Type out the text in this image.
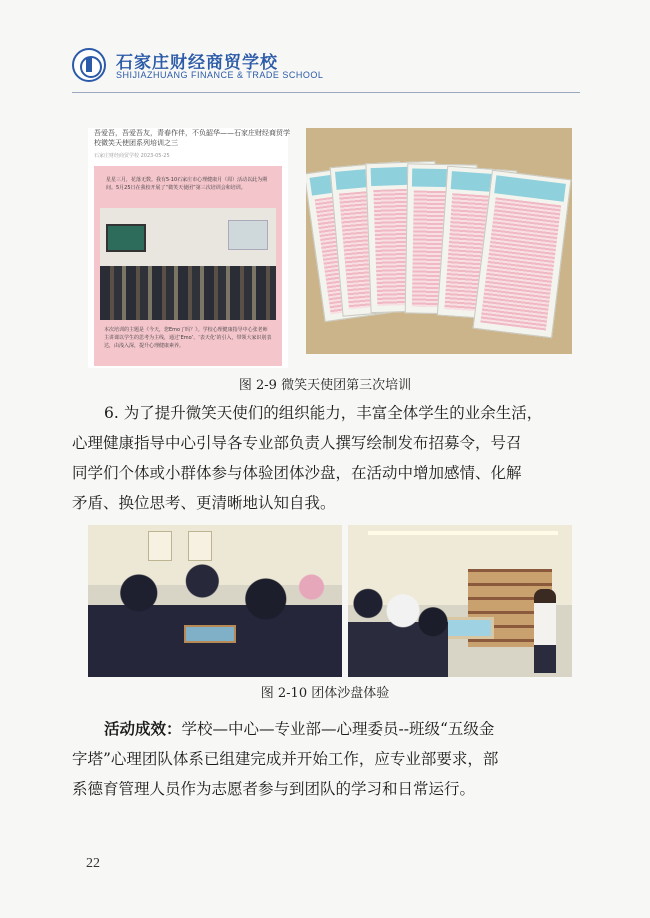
石家庄财经商贸学校
SHIJIAZHUANG FINANCE & TRADE SCHOOL
吾爱吾，吾爱吾友，青春作伴，不负韶华——石家庄财经商贸学校微笑天使团系列培训之三
石家庄财经商贸学校 2023-05-25
星星三月，花落无数。我有5·10石家庄市心理健康月（周）活动以此为期间。5月25日在我校开展了“微笑天使团”第三次培训会和培训。
本次培训的主题是《今天，您Emo了吗？》。学校心理健康指导中心张老师主讲课以学生的思考为主线，通过‘Emo’、‘表天化’的引入，带领大家识别表达，由浅入深，提升心理健康素养。
图 2-9 微笑天使团第三次培训
6. 为了提升微笑天使们的组织能力，丰富全体学生的业余生活，
心理健康指导中心引导各专业部负责人撰写绘制发布招募令，号召
同学们个体或小群体参与体验团体沙盘，在活动中增加感情、化解
矛盾、换位思考、更清晰地认知自我。
图 2-10 团体沙盘体验
活动成效：学校—中心—专业部—心理委员--班级“五级金
字塔”心理团队体系已组建完成并开始工作，应专业部要求，部
系德育管理人员作为志愿者参与到团队的学习和日常运行。
22
